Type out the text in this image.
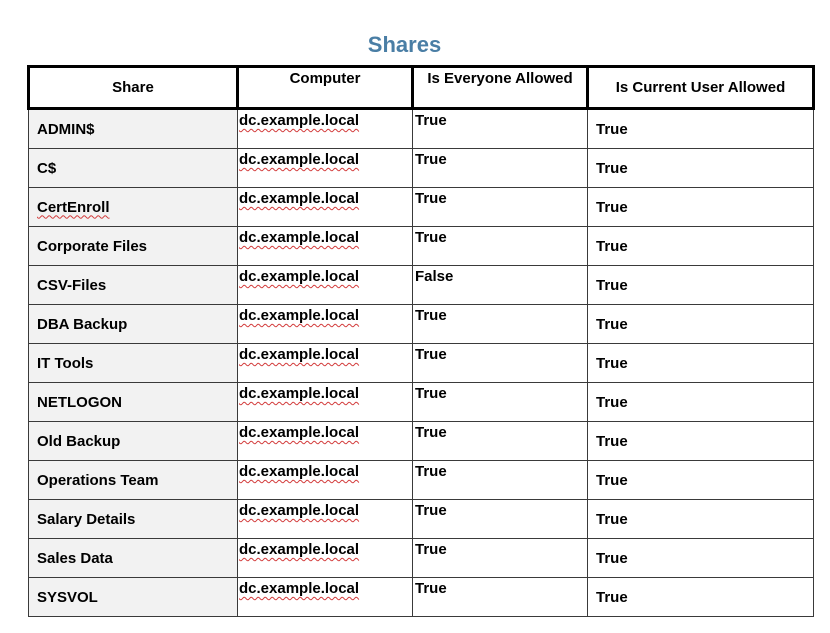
Shares
Share	Computer	Is Everyone Allowed	Is Current User Allowed
ADMIN$	dc.example.local	True	True
C$	dc.example.local	True	True
CertEnroll	dc.example.local	True	True
Corporate Files	dc.example.local	True	True
CSV-Files	dc.example.local	False	True
DBA Backup	dc.example.local	True	True
IT Tools	dc.example.local	True	True
NETLOGON	dc.example.local	True	True
Old Backup	dc.example.local	True	True
Operations Team	dc.example.local	True	True
Salary Details	dc.example.local	True	True
Sales Data	dc.example.local	True	True
SYSVOL	dc.example.local	True	True
